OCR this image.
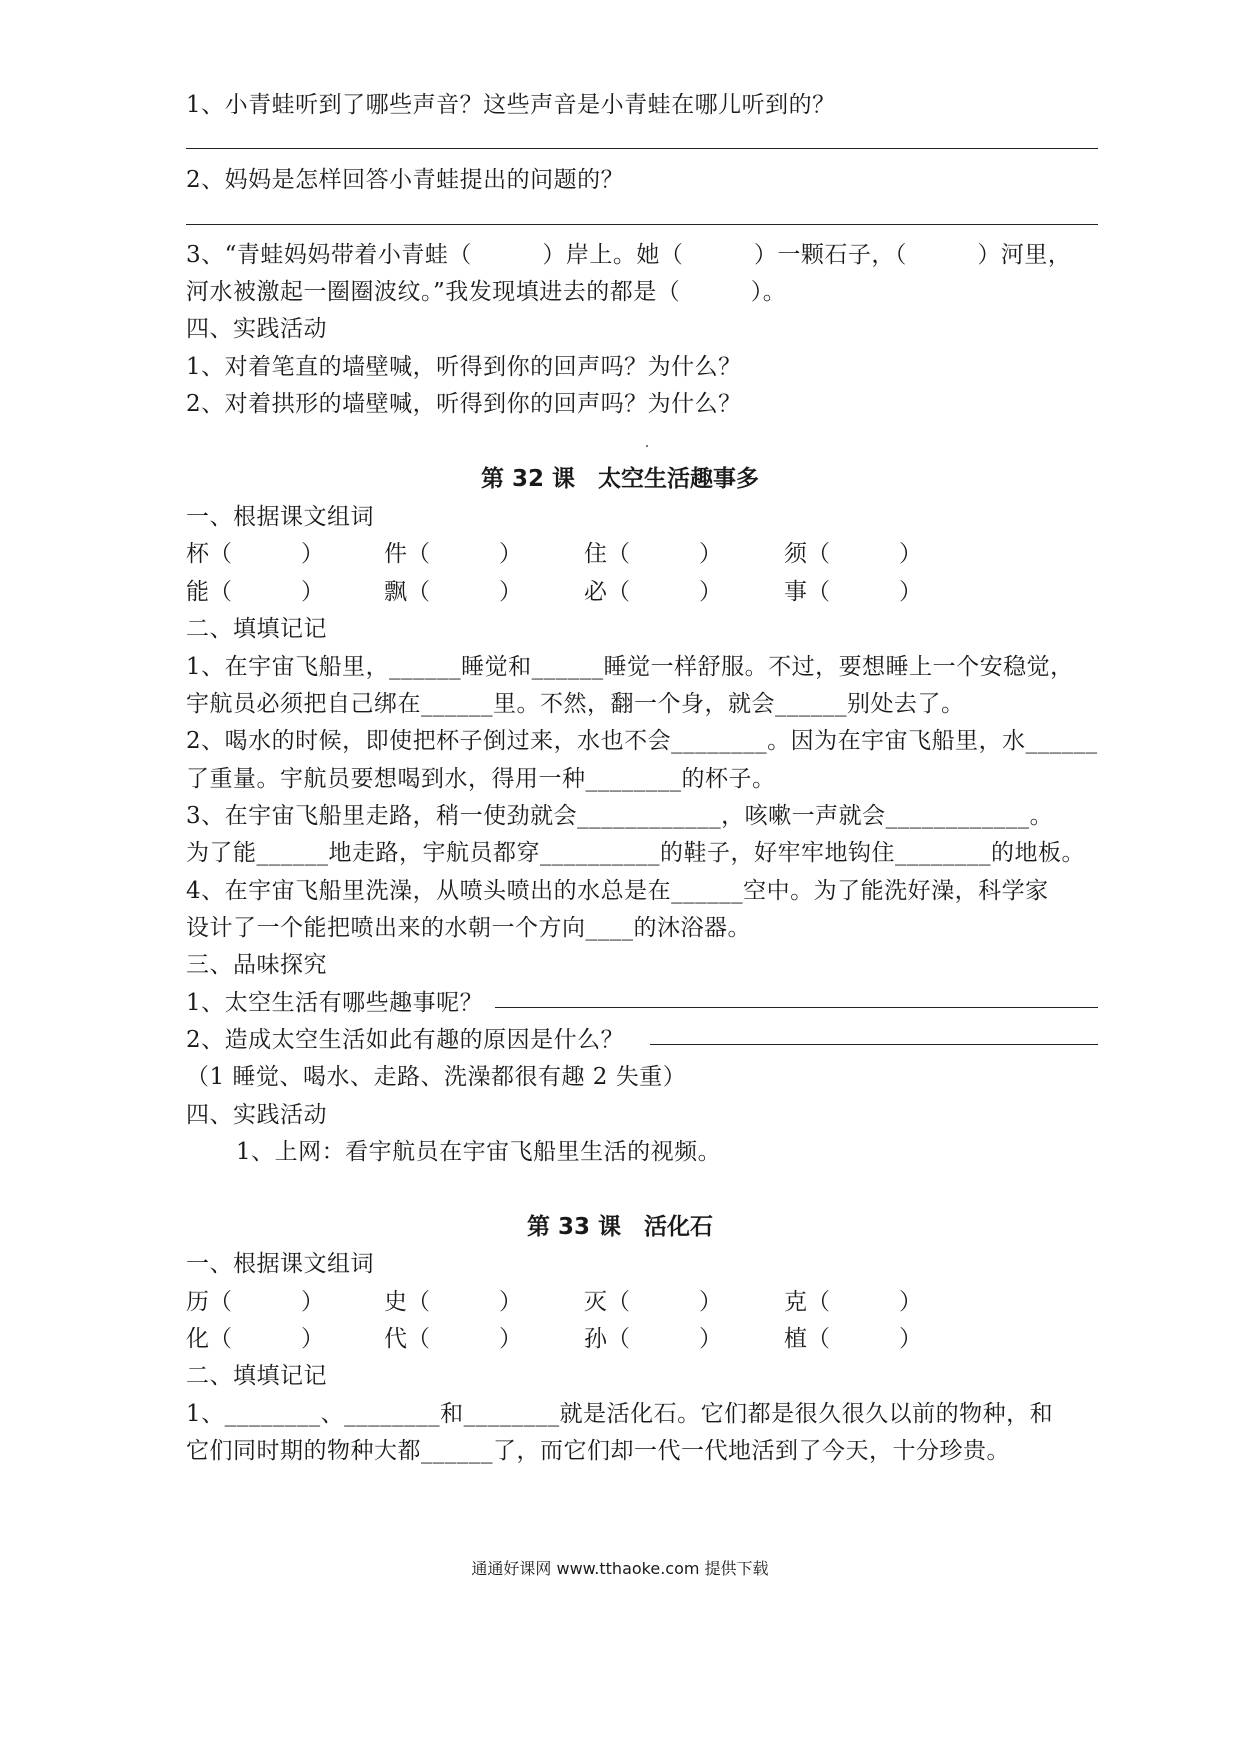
1、小青蛙听到了哪些声音？这些声音是小青蛙在哪儿听到的？
2、妈妈是怎样回答小青蛙提出的问题的？
3、“青蛙妈妈带着小青蛙（　　　）岸上。她（　　　）一颗石子，（　　　）河里，
河水被激起一圈圈波纹。”我发现填进去的都是（　　　）。
四、实践活动
1、对着笔直的墙壁喊，听得到你的回声吗？为什么？
2、对着拱形的墙壁喊，听得到你的回声吗？为什么？
第 32 课　太空生活趣事多
一、根据课文组词
杯（　　　）	件（　　　）	住（　　　）	须（　　　）
能（　　　）	飘（　　　）	必（　　　）	事（　　　）
二、填填记记
1、在宇宙飞船里，______睡觉和______睡觉一样舒服。不过，要想睡上一个安稳觉，
宇航员必须把自己绑在______里。不然，翻一个身，就会______别处去了。
2、喝水的时候，即使把杯子倒过来，水也不会________。因为在宇宙飞船里，水______
了重量。宇航员要想喝到水，得用一种________的杯子。
3、在宇宙飞船里走路，稍一使劲就会____________，咳嗽一声就会____________。
为了能______地走路，宇航员都穿__________的鞋子，好牢牢地钩住________的地板。
4、在宇宙飞船里洗澡，从喷头喷出的水总是在______空中。为了能洗好澡，科学家
设计了一个能把喷出来的水朝一个方向____的沐浴器。
三、品味探究
1、太空生活有哪些趣事呢？
2、造成太空生活如此有趣的原因是什么？
（1 睡觉、喝水、走路、洗澡都很有趣 2 失重）
四、实践活动
1、上网：看宇航员在宇宙飞船里生活的视频。
第 33 课　活化石
一、根据课文组词
历（　　　）	史（　　　）	灭（　　　）	克（　　　）
化（　　　）	代（　　　）	孙（　　　）	植（　　　）
二、填填记记
1、________、________和________就是活化石。它们都是很久很久以前的物种，和
它们同时期的物种大都______了，而它们却一代一代地活到了今天，十分珍贵。
通通好课网 www.tthaoke.com 提供下载
